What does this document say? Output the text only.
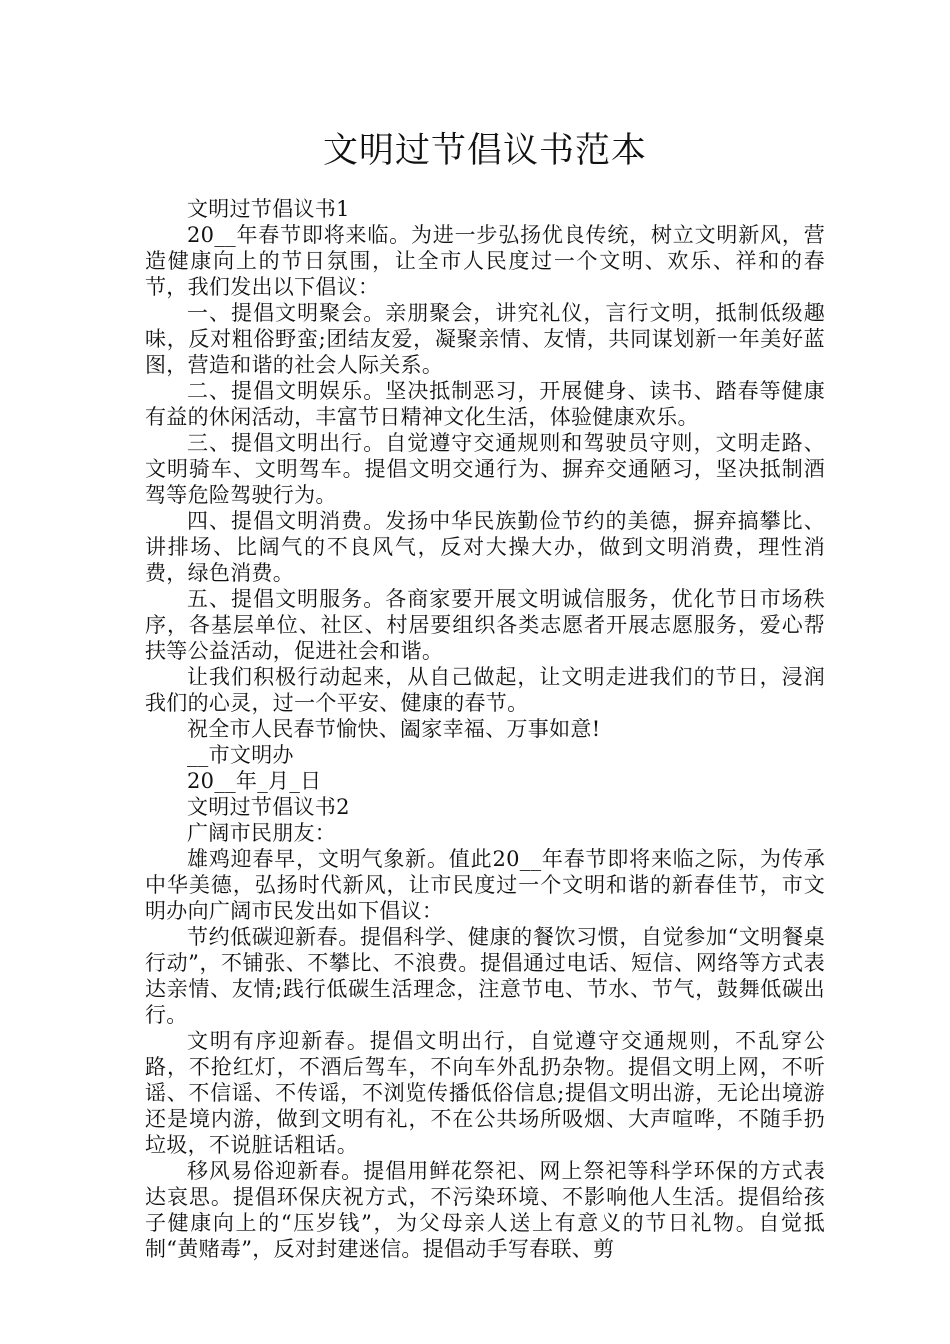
文明过节倡议书范本

文明过节倡议书1

20__年春节即将来临。为进一步弘扬优良传统，树立文明新风，营造健康向上的节日氛围，让全市人民度过一个文明、欢乐、祥和的春节，我们发出以下倡议：

一、提倡文明聚会。亲朋聚会，讲究礼仪，言行文明，抵制低级趣味，反对粗俗野蛮;团结友爱，凝聚亲情、友情，共同谋划新一年美好蓝图，营造和谐的社会人际关系。

二、提倡文明娱乐。坚决抵制恶习，开展健身、读书、踏春等健康有益的休闲活动，丰富节日精神文化生活，体验健康欢乐。

三、提倡文明出行。自觉遵守交通规则和驾驶员守则，文明走路、文明骑车、文明驾车。提倡文明交通行为、摒弃交通陋习，坚决抵制酒驾等危险驾驶行为。

四、提倡文明消费。发扬中华民族勤俭节约的美德，摒弃搞攀比、讲排场、比阔气的不良风气，反对大操大办，做到文明消费，理性消费，绿色消费。

五、提倡文明服务。各商家要开展文明诚信服务，优化节日市场秩序，各基层单位、社区、村居要组织各类志愿者开展志愿服务，爱心帮扶等公益活动，促进社会和谐。

让我们积极行动起来，从自己做起，让文明走进我们的节日，浸润我们的心灵，过一个平安、健康的春节。

祝全市人民春节愉快、阖家幸福、万事如意!

__市文明办

20__年_月_日

文明过节倡议书2

广阔市民朋友：

雄鸡迎春早，文明气象新。值此20__年春节即将来临之际，为传承中华美德，弘扬时代新风，让市民度过一个文明和谐的新春佳节，市文明办向广阔市民发出如下倡议：

节约低碳迎新春。提倡科学、健康的餐饮习惯，自觉参加“文明餐桌行动”，不铺张、不攀比、不浪费。提倡通过电话、短信、网络等方式表达亲情、友情;践行低碳生活理念，注意节电、节水、节气，鼓舞低碳出行。

文明有序迎新春。提倡文明出行，自觉遵守交通规则，不乱穿公路，不抢红灯，不酒后驾车，不向车外乱扔杂物。提倡文明上网，不听谣、不信谣、不传谣，不浏览传播低俗信息;提倡文明出游，无论出境游还是境内游，做到文明有礼，不在公共场所吸烟、大声喧哗，不随手扔垃圾，不说脏话粗话。

移风易俗迎新春。提倡用鲜花祭祀、网上祭祀等科学环保的方式表达哀思。提倡环保庆祝方式，不污染环境、不影响他人生活。提倡给孩子健康向上的“压岁钱”，为父母亲人送上有意义的节日礼物。自觉抵制“黄赌毒”，反对封建迷信。提倡动手写春联、剪
